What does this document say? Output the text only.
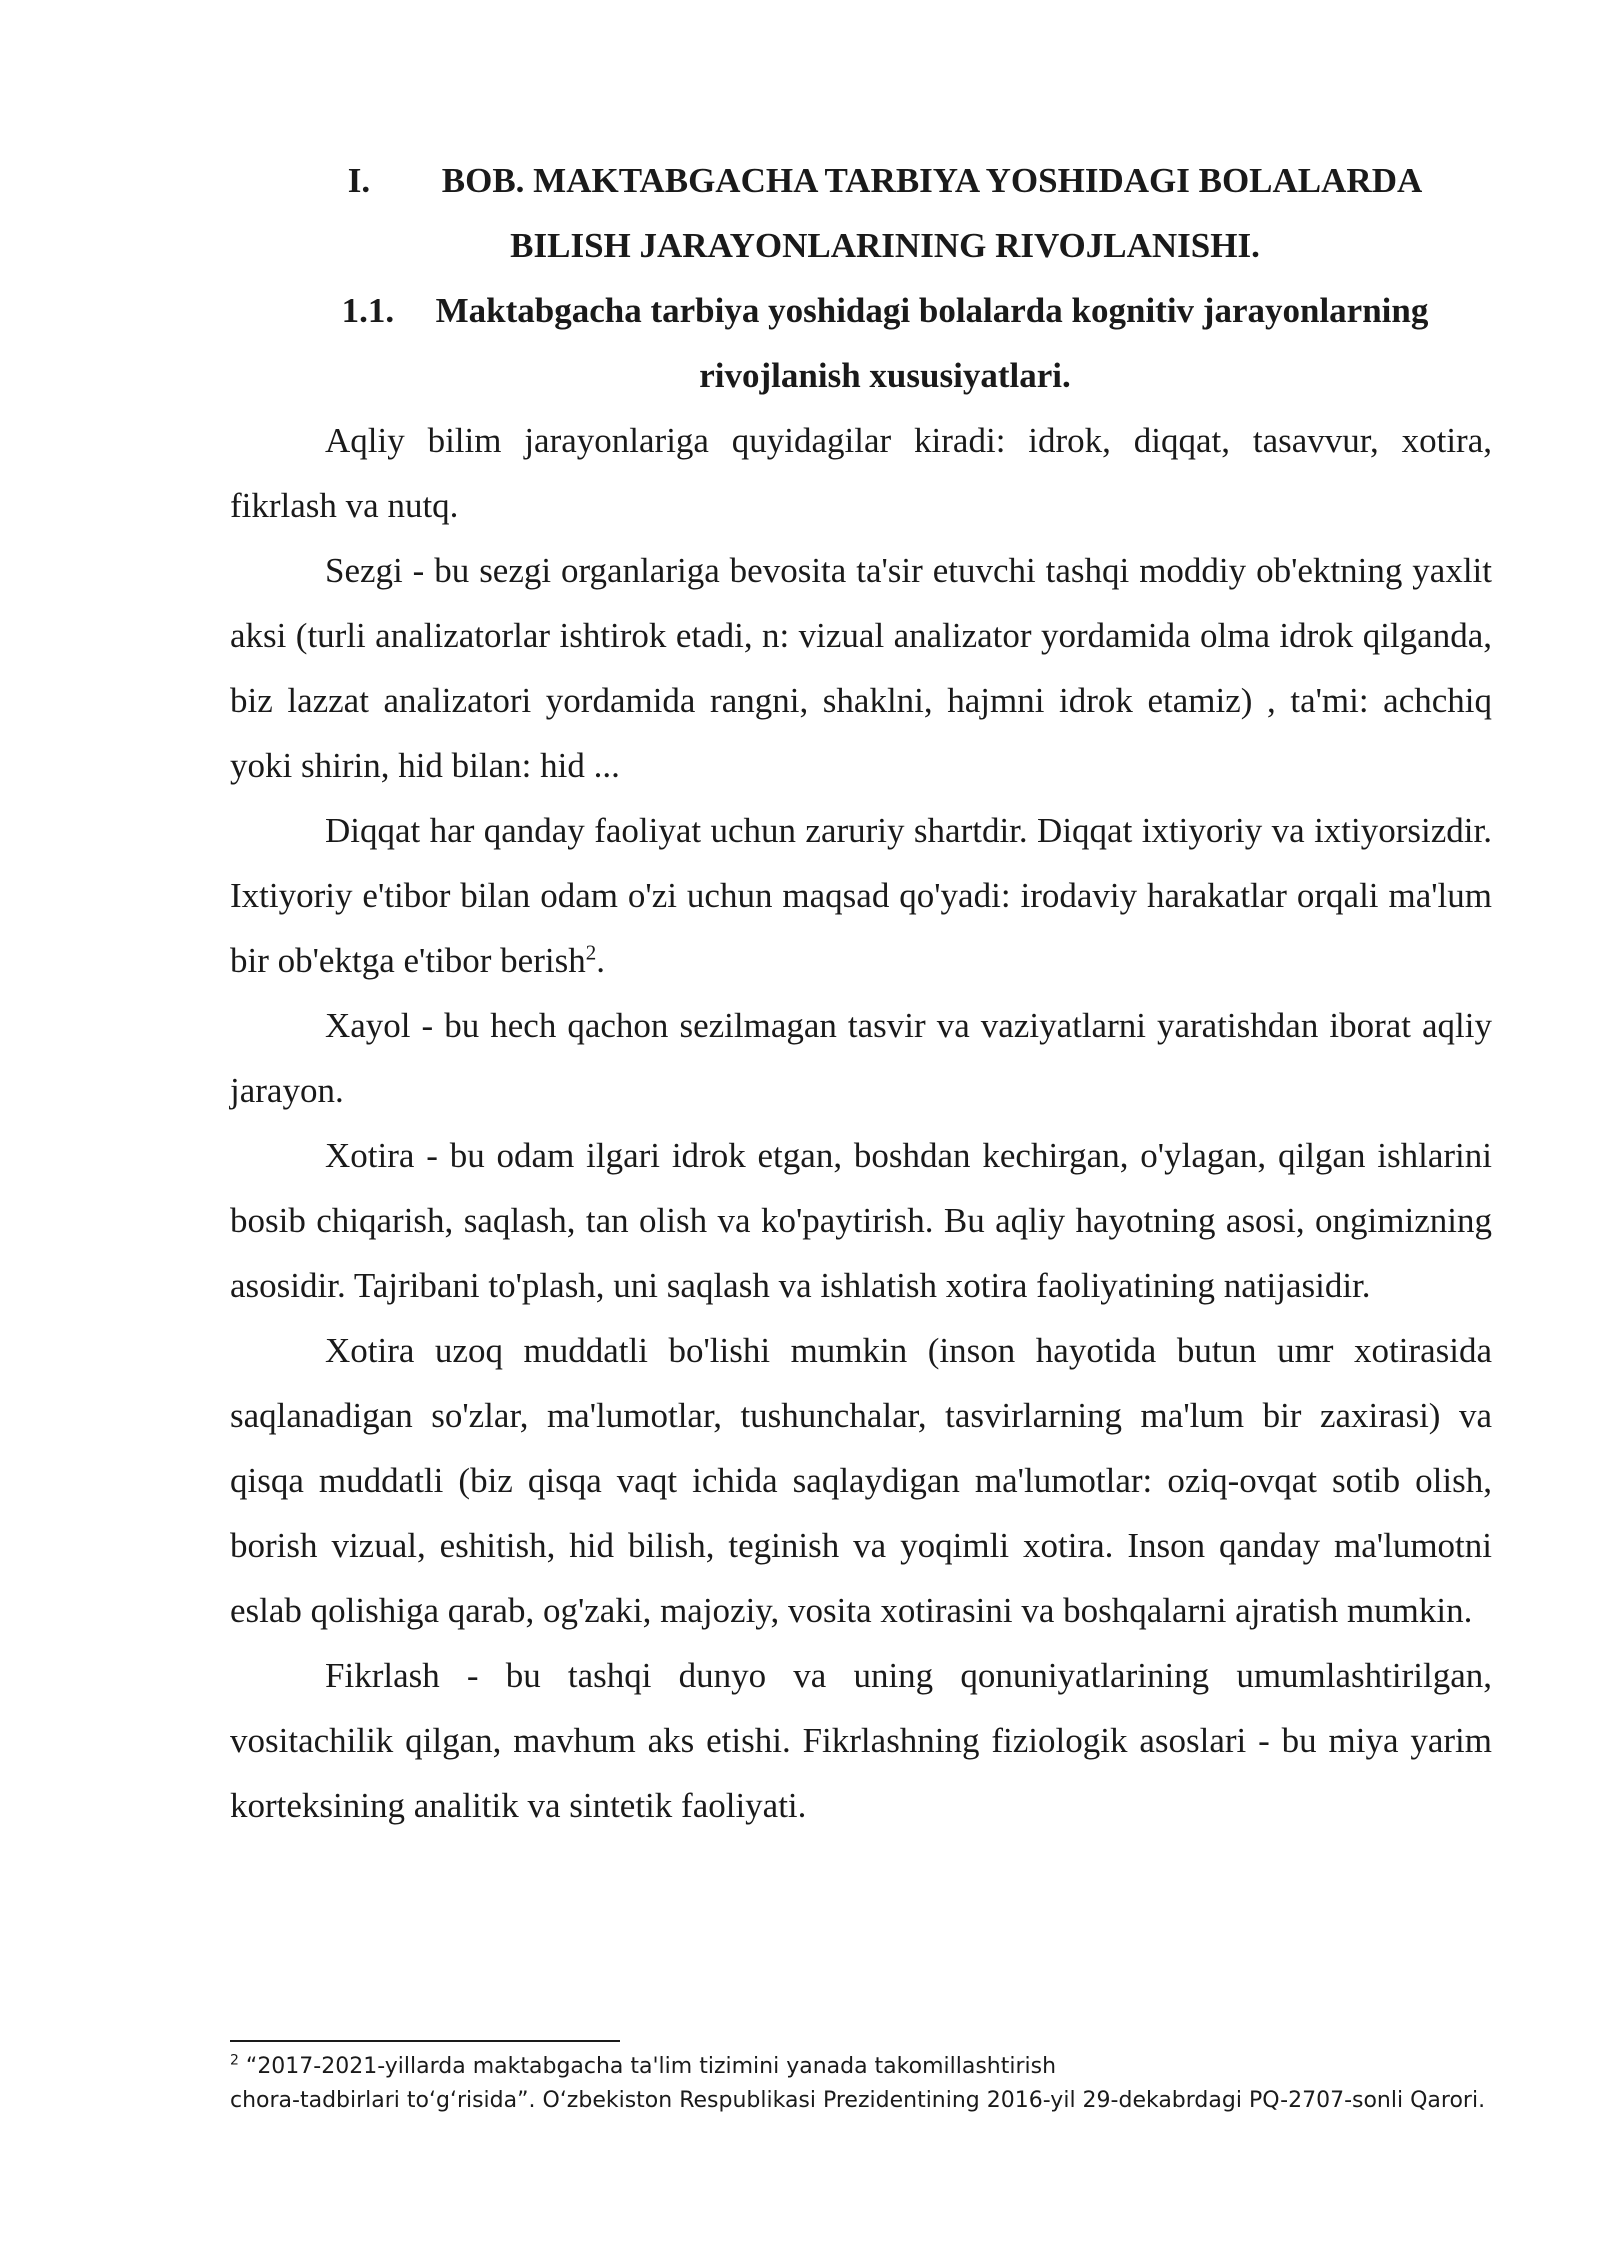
I. BOB. MAKTABGACHA TARBIYA YOSHIDAGI BOLALARDA
BILISH JARAYONLARINING RIVOJLANISHI.
1.1. Maktabgacha tarbiya yoshidagi bolalarda kognitiv jarayonlarning
rivojlanish xususiyatlari.

Aqliy bilim jarayonlariga quyidagilar kiradi: idrok, diqqat, tasavvur, xotira, fikrlash va nutq.

Sezgi - bu sezgi organlariga bevosita ta'sir etuvchi tashqi moddiy ob'ektning yaxlit aksi (turli analizatorlar ishtirok etadi, n: vizual analizator yordamida olma idrok qilganda, biz lazzat analizatori yordamida rangni, shaklni, hajmni idrok etamiz) , ta'mi: achchiq yoki shirin, hid bilan: hid ...

Diqqat har qanday faoliyat uchun zaruriy shartdir. Diqqat ixtiyoriy va ixtiyorsizdir. Ixtiyoriy e'tibor bilan odam o'zi uchun maqsad qo'yadi: irodaviy harakatlar orqali ma'lum bir ob'ektga e'tibor berish$^2$.

Xayol - bu hech qachon sezilmagan tasvir va vaziyatlarni yaratishdan iborat aqliy jarayon.

Xotira - bu odam ilgari idrok etgan, boshdan kechirgan, o'ylagan, qilgan ishlarini bosib chiqarish, saqlash, tan olish va ko'paytirish. Bu aqliy hayotning asosi, ongimizning asosidir. Tajribani to'plash, uni saqlash va ishlatish xotira faoliyatining natijasidir.

Xotira uzoq muddatli bo'lishi mumkin (inson hayotida butun umr xotirasida saqlanadigan so'zlar, ma'lumotlar, tushunchalar, tasvirlarning ma'lum bir zaxirasi) va qisqa muddatli (biz qisqa vaqt ichida saqlaydigan ma'lumotlar: oziq-ovqat sotib olish, borish vizual, eshitish, hid bilish, teginish va yoqimli xotira. Inson qanday ma'lumotni eslab qolishiga qarab, og'zaki, majoziy, vosita xotirasini va boshqalarni ajratish mumkin.

Fikrlash - bu tashqi dunyo va uning qonuniyatlarining umumlashtirilgan, vositachilik qilgan, mavhum aks etishi. Fikrlashning fiziologik asoslari - bu miya yarim korteksining analitik va sintetik faoliyati.

$^2$ “2017-2021-yillarda maktabgacha ta'lim tizimini yanada takomillashtirish
chora-tadbirlari to‘g‘risida”. O‘zbekiston Respublikasi Prezidentining 2016-yil 29-dekabrdagi PQ-2707-sonli Qarori.
